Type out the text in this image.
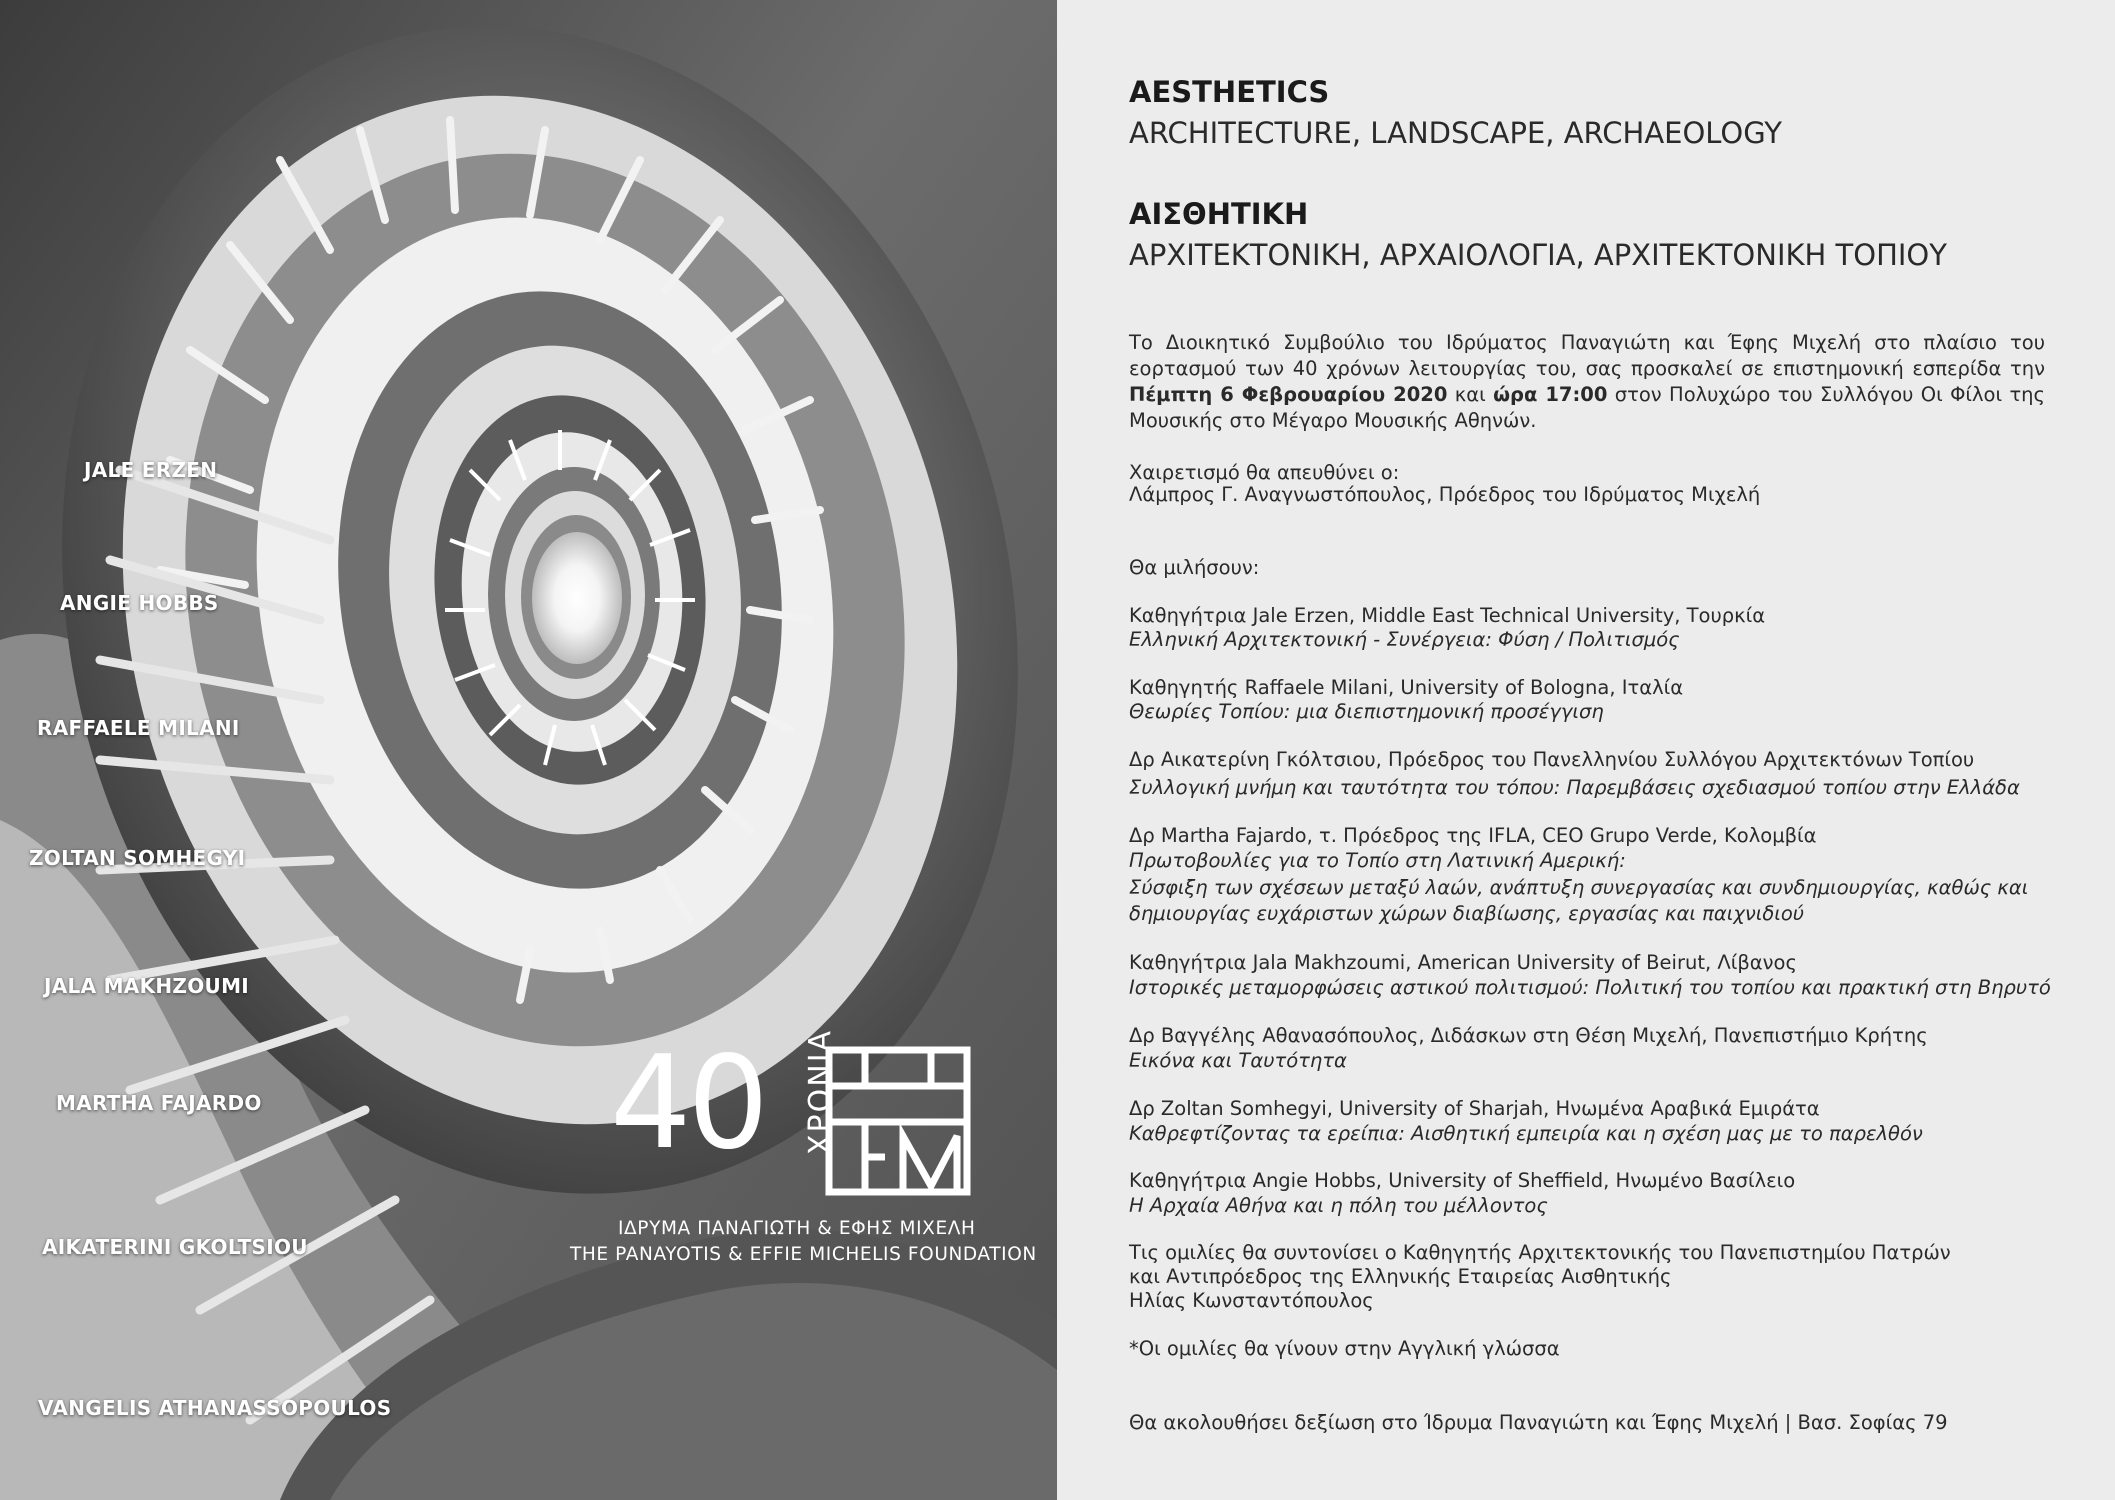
JALE ERZEN
ANGIE HOBBS
RAFFAELE MILANI
ZOLTAN SOMHEGYI
JALA MAKHZOUMI
MARTHA FAJARDO
AIKATERINI GKOLTSIOU
VANGELIS ATHANASSOPOULOS
40 ΧΡΟΝΙΑ
ΙΔΡΥΜΑ ΠΑΝΑΓΙΩΤΗ & ΕΦΗΣ ΜΙΧΕΛΗ
THE PANAYOTIS & EFFIE MICHELIS FOUNDATION
AESTHETICS
ARCHITECTURE, LANDSCAPE, ARCHAEOLOGY
ΑΙΣΘΗΤΙΚΗ
ΑΡΧΙΤΕΚΤΟΝΙΚΗ, ΑΡΧΑΙΟΛΟΓΙΑ, ΑΡΧΙΤΕΚΤΟΝΙΚΗ ΤΟΠΙΟΥ
Το Διοικητικό Συμβούλιο του Ιδρύματος Παναγιώτη και Έφης Μιχελή στο πλαίσιο του εορτασμού των 40 χρόνων λειτουργίας του, σας προσκαλεί σε επιστημονική εσπερίδα την Πέμπτη 6 Φεβρουαρίου 2020 και ώρα 17:00 στον Πολυχώρο του Συλλόγου Οι Φίλοι της Μουσικής στο Μέγαρο Μουσικής Αθηνών.
Χαιρετισμό θα απευθύνει ο:
Λάμπρος Γ. Αναγνωστόπουλος, Πρόεδρος του Ιδρύματος Μιχελή
Θα μιλήσουν:
Καθηγήτρια Jale Erzen, Middle East Technical University, Τουρκία
Ελληνική Αρχιτεκτονική - Συνέργεια: Φύση / Πολιτισμός
Καθηγητής Raffaele Milani, University of Bologna, Ιταλία
Θεωρίες Τοπίου: μια διεπιστημονική προσέγγιση
Δρ Αικατερίνη Γκόλτσιου, Πρόεδρος του Πανελληνίου Συλλόγου Αρχιτεκτόνων Τοπίου
Συλλογική μνήμη και ταυτότητα του τόπου: Παρεμβάσεις σχεδιασμού τοπίου στην Ελλάδα
Δρ Martha Fajardo, τ. Πρόεδρος της IFLA, CEO Grupo Verde, Κολομβία
Πρωτοβουλίες για το Τοπίο στη Λατινική Αμερική:
Σύσφιξη των σχέσεων μεταξύ λαών, ανάπτυξη συνεργασίας και συνδημιουργίας, καθώς και
δημιουργίας ευχάριστων χώρων διαβίωσης, εργασίας και παιχνιδιού
Καθηγήτρια Jala Makhzoumi, American University of Beirut, Λίβανος
Ιστορικές μεταμορφώσεις αστικού πολιτισμού: Πολιτική του τοπίου και πρακτική στη Βηρυτό
Δρ Βαγγέλης Αθανασόπουλος, Διδάσκων στη Θέση Μιχελή, Πανεπιστήμιο Κρήτης
Εικόνα και Ταυτότητα
Δρ Zoltan Somhegyi, University of Sharjah, Ηνωμένα Αραβικά Εμιράτα
Καθρεφτίζοντας τα ερείπια: Αισθητική εμπειρία και η σχέση μας με το παρελθόν
Καθηγήτρια Angie Hobbs, University of Sheffield, Ηνωμένο Βασίλειο
Η Αρχαία Αθήνα και η πόλη του μέλλοντος
Τις ομιλίες θα συντονίσει ο Καθηγητής Αρχιτεκτονικής του Πανεπιστημίου Πατρών
και Αντιπρόεδρος της Ελληνικής Εταιρείας Αισθητικής
Ηλίας Κωνσταντόπουλος
*Οι ομιλίες θα γίνουν στην Αγγλική γλώσσα
Θα ακολουθήσει δεξίωση στο Ίδρυμα Παναγιώτη και Έφης Μιχελή | Βασ. Σοφίας 79
